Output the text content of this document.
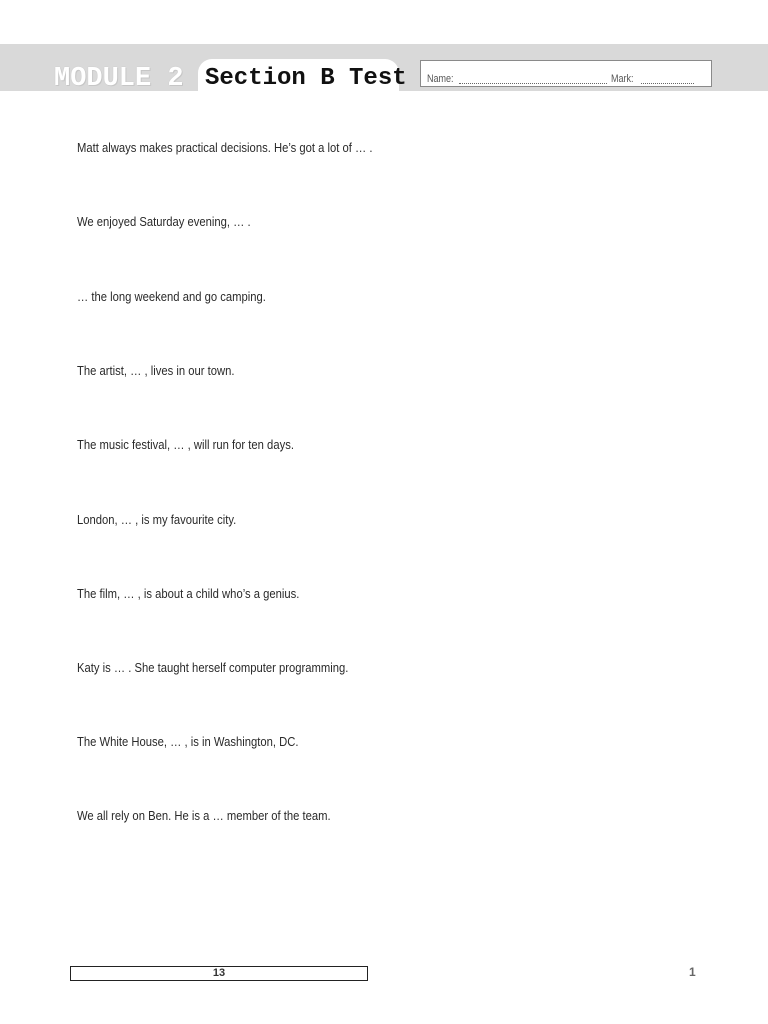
MODULE 2 Section B Test Name:	Mark:
Matt always makes practical decisions. He’s got a lot of … .
We enjoyed Saturday evening, … .
… the long weekend and go camping.
The artist, … , lives in our town.
The music festival, … , will run for ten days.
London, … , is my favourite city.
The film, … , is about a child who’s a genius.
Katy is … . She taught herself computer programming.
The White House, … , is in Washington, DC.
We all rely on Ben. He is a … member of the team.
13	1
